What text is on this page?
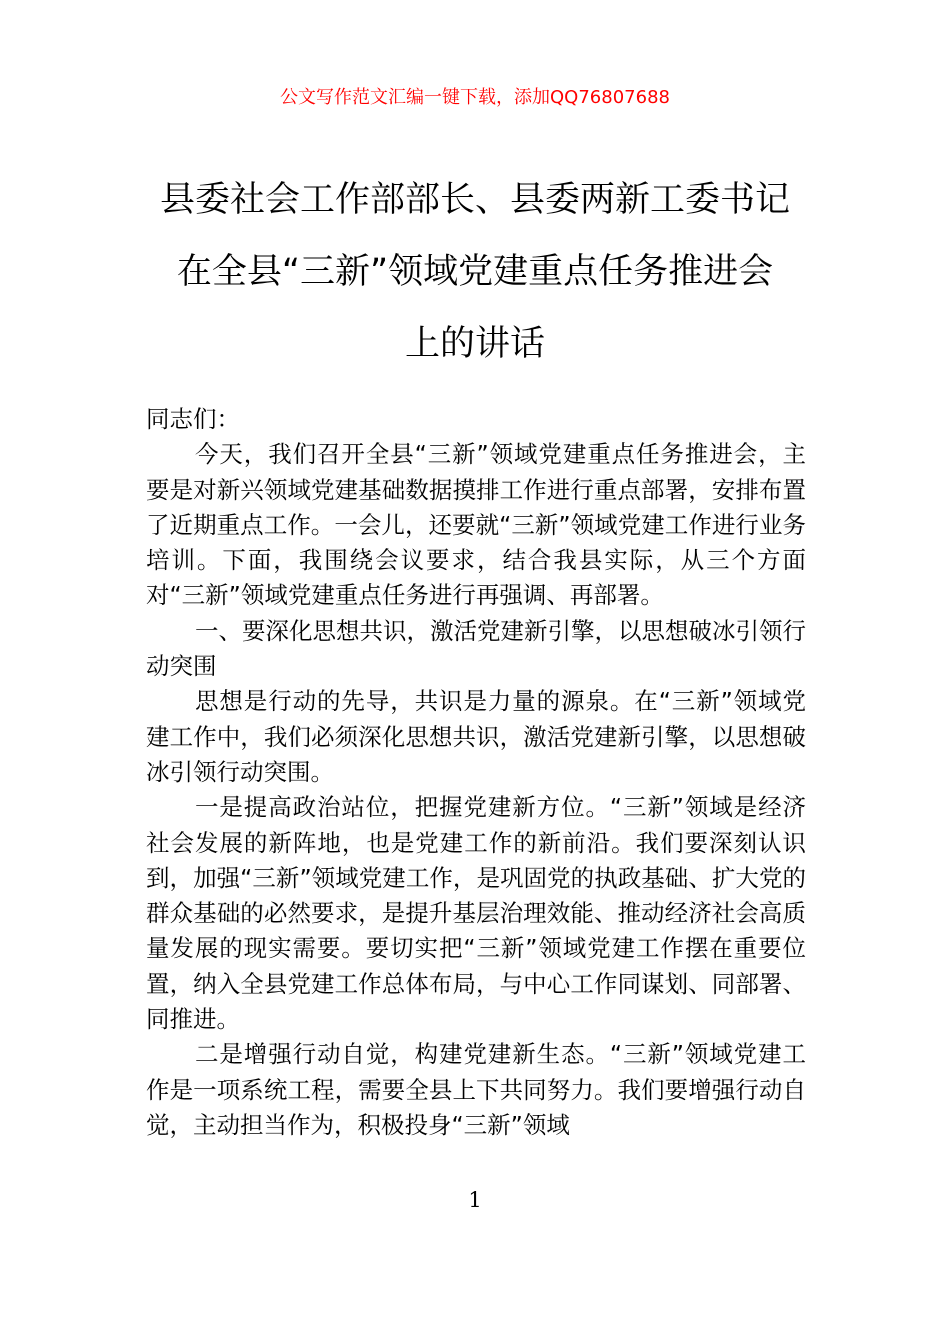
公文写作范文汇编一键下载，添加QQ76807688
县委社会工作部部长、县委两新工委书记
在全县“三新”领域党建重点任务推进会
上的讲话

同志们：

今天，我们召开全县“三新”领域党建重点任务推进会，主要是对新兴领域党建基础数据摸排工作进行重点部署，安排布置了近期重点工作。一会儿，还要就“三新”领域党建工作进行业务培训。下面，我围绕会议要求，结合我县实际，从三个方面对“三新”领域党建重点任务进行再强调、再部署。

一、要深化思想共识，激活党建新引擎，以思想破冰引领行动突围

思想是行动的先导，共识是力量的源泉。在“三新”领域党建工作中，我们必须深化思想共识，激活党建新引擎，以思想破冰引领行动突围。

一是提高政治站位，把握党建新方位。“三新”领域是经济社会发展的新阵地，也是党建工作的新前沿。我们要深刻认识到，加强“三新”领域党建工作，是巩固党的执政基础、扩大党的群众基础的必然要求，是提升基层治理效能、推动经济社会高质量发展的现实需要。要切实把“三新”领域党建工作摆在重要位置，纳入全县党建工作总体布局，与中心工作同谋划、同部署、同推进。

二是增强行动自觉，构建党建新生态。“三新”领域党建工作是一项系统工程，需要全县上下共同努力。我们要增强行动自觉，主动担当作为，积极投身“三新”领域

1
